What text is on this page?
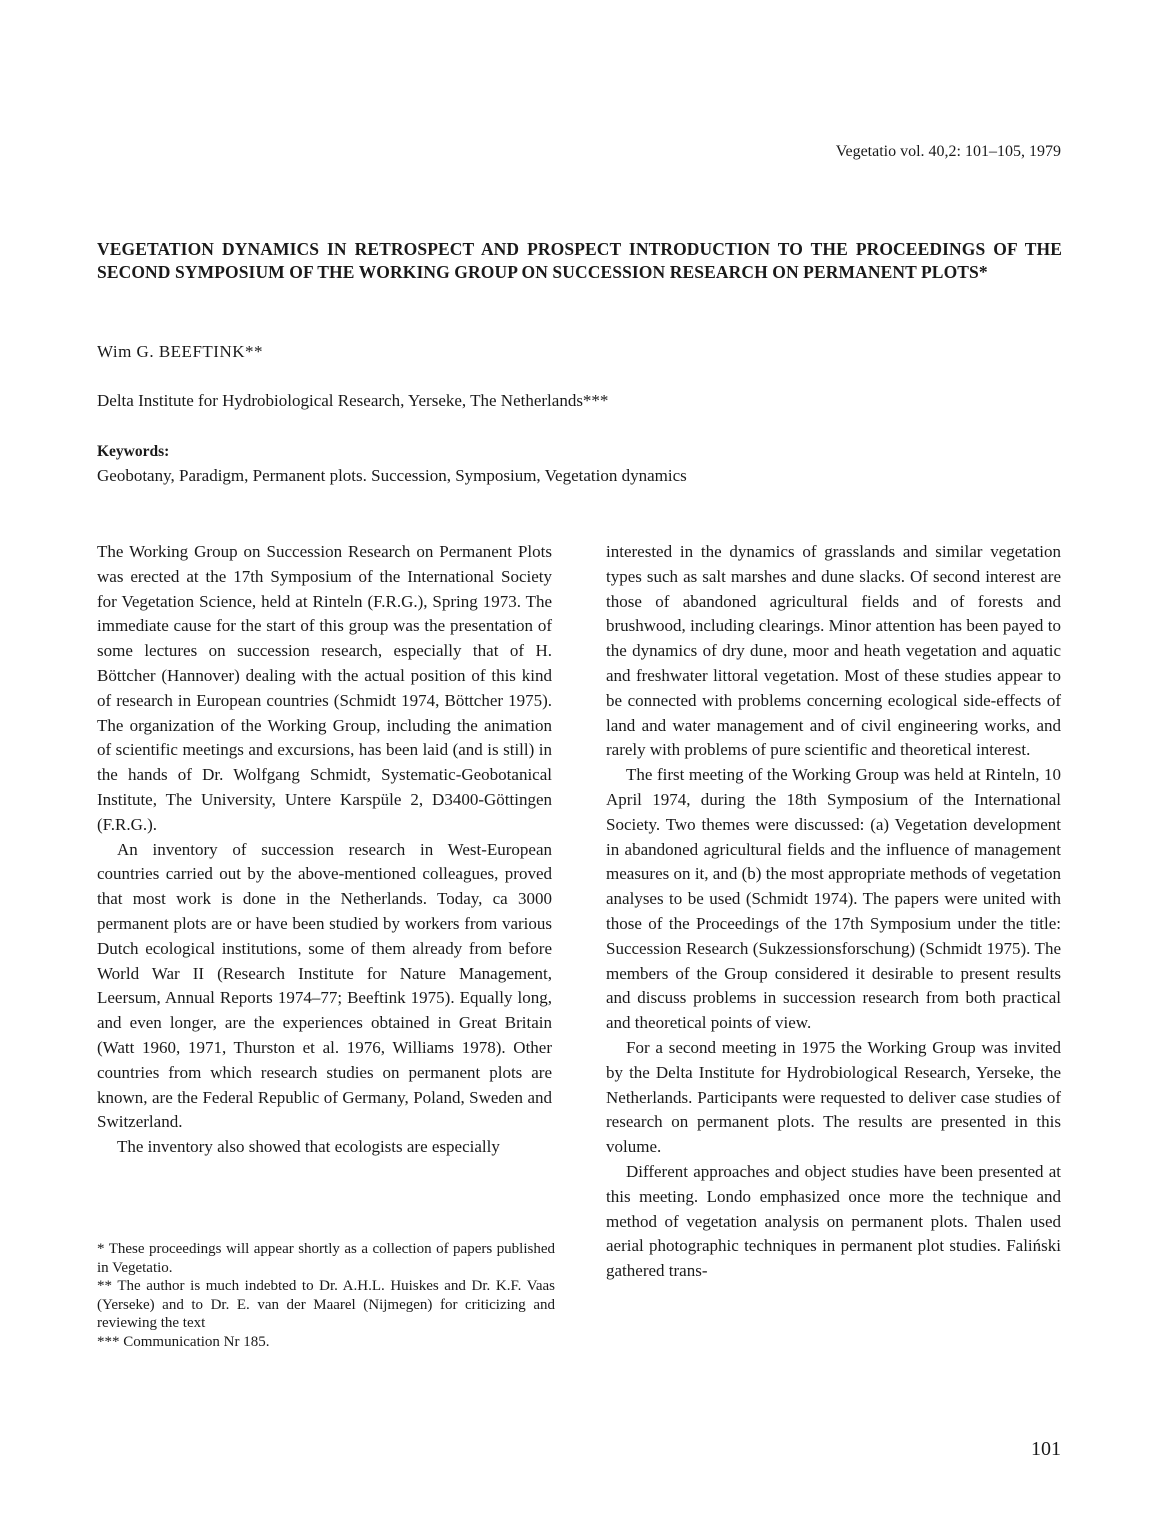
Vegetatio vol. 40,2: 101–105, 1979
VEGETATION DYNAMICS IN RETROSPECT AND PROSPECT INTRODUCTION TO THE PROCEEDINGS OF THE SECOND SYMPOSIUM OF THE WORKING GROUP ON SUCCESSION RESEARCH ON PERMANENT PLOTS*
Wim G. BEEFTINK**
Delta Institute for Hydrobiological Research, Yerseke, The Netherlands***
Keywords:
Geobotany, Paradigm, Permanent plots. Succession, Symposium, Vegetation dynamics

The Working Group on Succession Research on Permanent Plots was erected at the 17th Symposium of the International Society for Vegetation Science, held at Rinteln (F.R.G.), Spring 1973. The immediate cause for the start of this group was the presentation of some lectures on succession research, especially that of H. Böttcher (Hannover) dealing with the actual position of this kind of research in European countries (Schmidt 1974, Böttcher 1975). The organization of the Working Group, including the animation of scientific meetings and excursions, has been laid (and is still) in the hands of Dr. Wolfgang Schmidt, Systematic-Geobotanical Institute, The University, Untere Karspüle 2, D3400-Göttingen (F.R.G.).

An inventory of succession research in West-European countries carried out by the above-mentioned colleagues, proved that most work is done in the Netherlands. Today, ca 3000 permanent plots are or have been studied by workers from various Dutch ecological institutions, some of them already from before World War II (Research Institute for Nature Management, Leersum, Annual Reports 1974–77; Beeftink 1975). Equally long, and even longer, are the experiences obtained in Great Britain (Watt 1960, 1971, Thurston et al. 1976, Williams 1978). Other countries from which research studies on permanent plots are known, are the Federal Republic of Germany, Poland, Sweden and Switzerland.

The inventory also showed that ecologists are especially

interested in the dynamics of grasslands and similar vegetation types such as salt marshes and dune slacks. Of second interest are those of abandoned agricultural fields and of forests and brushwood, including clearings. Minor attention has been payed to the dynamics of dry dune, moor and heath vegetation and aquatic and freshwater littoral vegetation. Most of these studies appear to be connected with problems concerning ecological side-effects of land and water management and of civil engineering works, and rarely with problems of pure scientific and theoretical interest.

The first meeting of the Working Group was held at Rinteln, 10 April 1974, during the 18th Symposium of the International Society. Two themes were discussed: (a) Vegetation development in abandoned agricultural fields and the influence of management measures on it, and (b) the most appropriate methods of vegetation analyses to be used (Schmidt 1974). The papers were united with those of the Proceedings of the 17th Symposium under the title: Succession Research (Sukzessionsforschung) (Schmidt 1975). The members of the Group considered it desirable to present results and discuss problems in succession research from both practical and theoretical points of view.

For a second meeting in 1975 the Working Group was invited by the Delta Institute for Hydrobiological Research, Yerseke, the Netherlands. Participants were requested to deliver case studies of research on permanent plots. The results are presented in this volume.

Different approaches and object studies have been presented at this meeting. Londo emphasized once more the technique and method of vegetation analysis on permanent plots. Thalen used aerial photographic techniques in permanent plot studies. Faliński gathered trans-

* These proceedings will appear shortly as a collection of papers published in Vegetatio.

** The author is much indebted to Dr. A.H.L. Huiskes and Dr. K.F. Vaas (Yerseke) and to Dr. E. van der Maarel (Nijmegen) for criticizing and reviewing the text

*** Communication Nr 185.

101
